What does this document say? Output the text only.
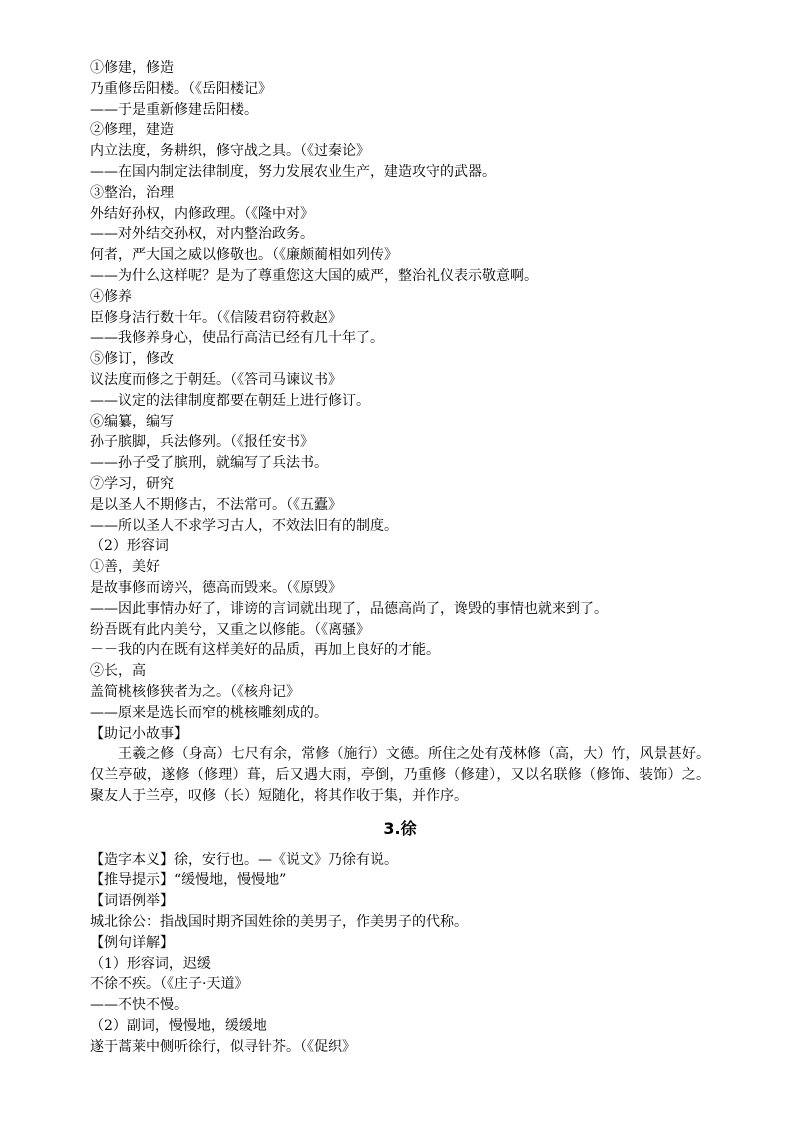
①修建，修造
乃重修岳阳楼。（《岳阳楼记》
——于是重新修建岳阳楼。
②修理，建造
内立法度，务耕织，修守战之具。（《过秦论》
——在国内制定法律制度，努力发展农业生产，建造攻守的武器。
③整治，治理
外结好孙权，内修政理。（《隆中对》
——对外结交孙权，对内整治政务。
何者，严大国之威以修敬也。（《廉颇蔺相如列传》
——为什么这样呢？是为了尊重您这大国的威严，整治礼仪表示敬意啊。
④修养
臣修身洁行数十年。（《信陵君窃符救赵》
——我修养身心，使品行高洁已经有几十年了。
⑤修订，修改
议法度而修之于朝廷。（《答司马谏议书》
——议定的法律制度都要在朝廷上进行修订。
⑥编纂，编写
孙子膑脚，兵法修列。（《报任安书》
——孙子受了膑刑，就编写了兵法书。
⑦学习，研究
是以圣人不期修古，不法常可。（《五蠹》
——所以圣人不求学习古人，不效法旧有的制度。
（2）形容词
①善，美好
是故事修而谤兴，德高而毁来。（《原毁》
——因此事情办好了，诽谤的言词就出现了，品德高尚了，谗毁的事情也就来到了。
纷吾既有此内美兮，又重之以修能。（《离骚》
－－我的内在既有这样美好的品质，再加上良好的才能。
②长，高
盖简桃核修狭者为之。（《核舟记》
——原来是选长而窄的桃核雕刻成的。
【助记小故事】
王羲之修（身高）七尺有余，常修（施行）文德。所住之处有茂林修（高，大）竹，风景甚好。仅兰亭破，遂修（修理）葺，后又遇大雨，亭倒，乃重修（修建），又以名联修（修饰、装饰）之。聚友人于兰亭，叹修（长）短随化，将其作收于集，并作序。
3.徐
【造字本义】徐，安行也。—《说文》乃徐有说。
【推导提示】“缓慢地，慢慢地”
【词语例举】
城北徐公：指战国时期齐国姓徐的美男子，作美男子的代称。
【例句详解】
（1）形容词，迟缓
不徐不疾。（《庄子·天道》
——不快不慢。
（2）副词，慢慢地，缓缓地
遂于蒿莱中侧听徐行，似寻针芥。（《促织》
